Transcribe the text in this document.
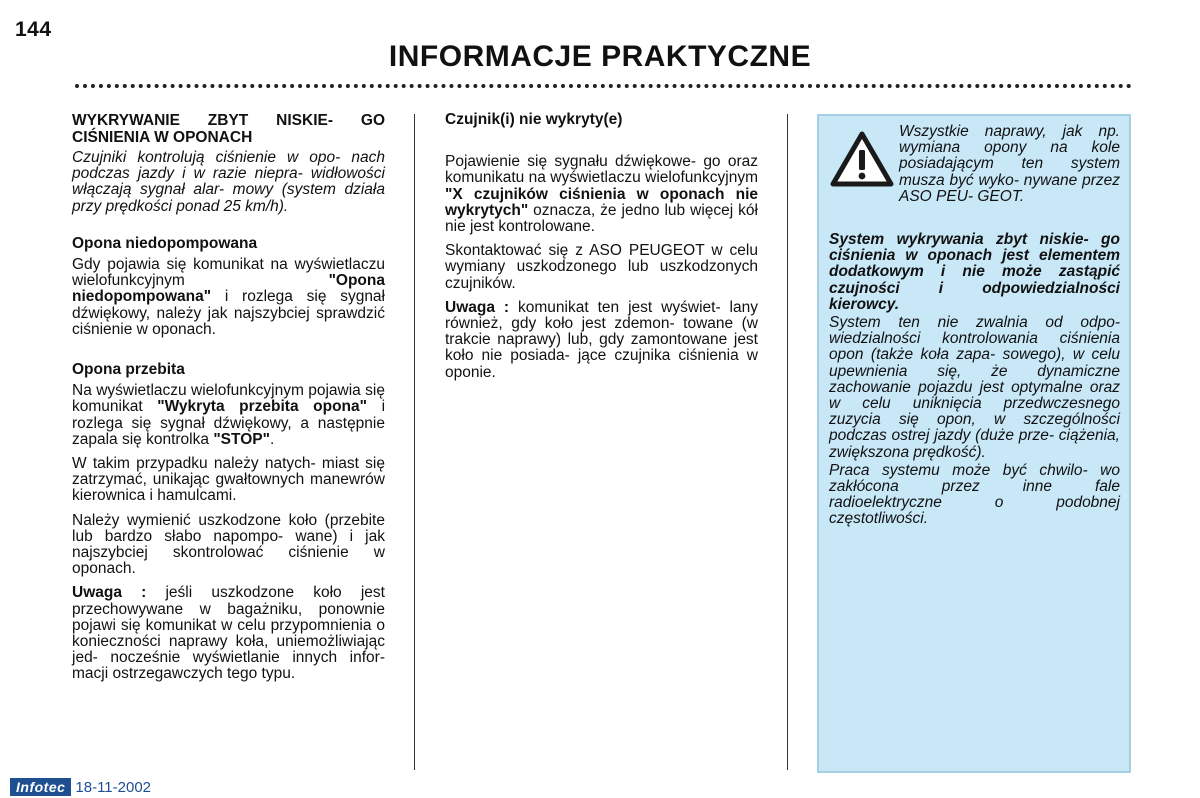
144
INFORMACJE PRAKTYCZNE
WYKRYWANIE ZBYT NISKIE- GO CIŚNIENIA W OPONACH
Czujniki kontrolują ciśnienie w opo- nach podczas jazdy i w razie niepra- widłowości włączają sygnał alar- mowy (system działa przy prędkości ponad 25 km/h).
Opona niedopompowana
Gdy pojawia się komunikat na wyświetlaczu wielofunkcyjnym "Opona niedopompowana" i rozlega się sygnał dźwiękowy, należy jak najszybciej sprawdzić ciśnienie w oponach.
Opona przebita
Na wyświetlaczu wielofunkcyjnym pojawia się komunikat "Wykryta przebita opona" i rozlega się sygnał dźwiękowy, a następnie zapala się kontrolka "STOP".
W takim przypadku należy natych- miast się zatrzymać, unikając gwałtownych manewrów kierownica i hamulcami.
Należy wymienić uszkodzone koło (przebite lub bardzo słabo napompo- wane) i jak najszybciej skontrolować ciśnienie w oponach.
Uwaga : jeśli uszkodzone koło jest przechowywane w bagażniku, ponownie pojawi się komunikat w celu przypomnienia o konieczności naprawy koła, uniemożliwiając jed- nocześnie wyświetlanie innych infor- macji ostrzegawczych tego typu.
Czujnik(i) nie wykryty(e)
Pojawienie się sygnału dźwiękowe- go oraz komunikatu na wyświetlaczu wielofunkcyjnym "X czujników ciśnienia w oponach nie wykrytych" oznacza, że jedno lub więcej kół nie jest kontrolowane.
Skontaktować się z ASO PEUGEOT w celu wymiany uszkodzonego lub uszkodzonych czujników.
Uwaga : komunikat ten jest wyświet- lany również, gdy koło jest zdemon- towane (w trakcie naprawy) lub, gdy zamontowane jest koło nie posiada- jące czujnika ciśnienia w oponie.
Wszystkie naprawy, jak np. wymiana opony na kole posiadającym ten system musza być wyko- nywane przez ASO PEU- GEOT.
System wykrywania zbyt niskie- go ciśnienia w oponach jest elementem dodatkowym i nie może zastąpić czujności i odpowiedzialności kierowcy.
System ten nie zwalnia od odpo- wiedzialności kontrolowania ciśnienia opon (także koła zapa- sowego), w celu upewnienia się, że dynamiczne zachowanie pojazdu jest optymalne oraz w celu uniknięcia przedwczesnego zuzycia się opon, w szczególności podczas ostrej jazdy (duże prze- ciążenia, zwiększona prędkość).
Praca systemu może być chwilo- wo zakłócona przez inne fale radioelektryczne o podobnej częstotliwości.
Infotec 18-11-2002
